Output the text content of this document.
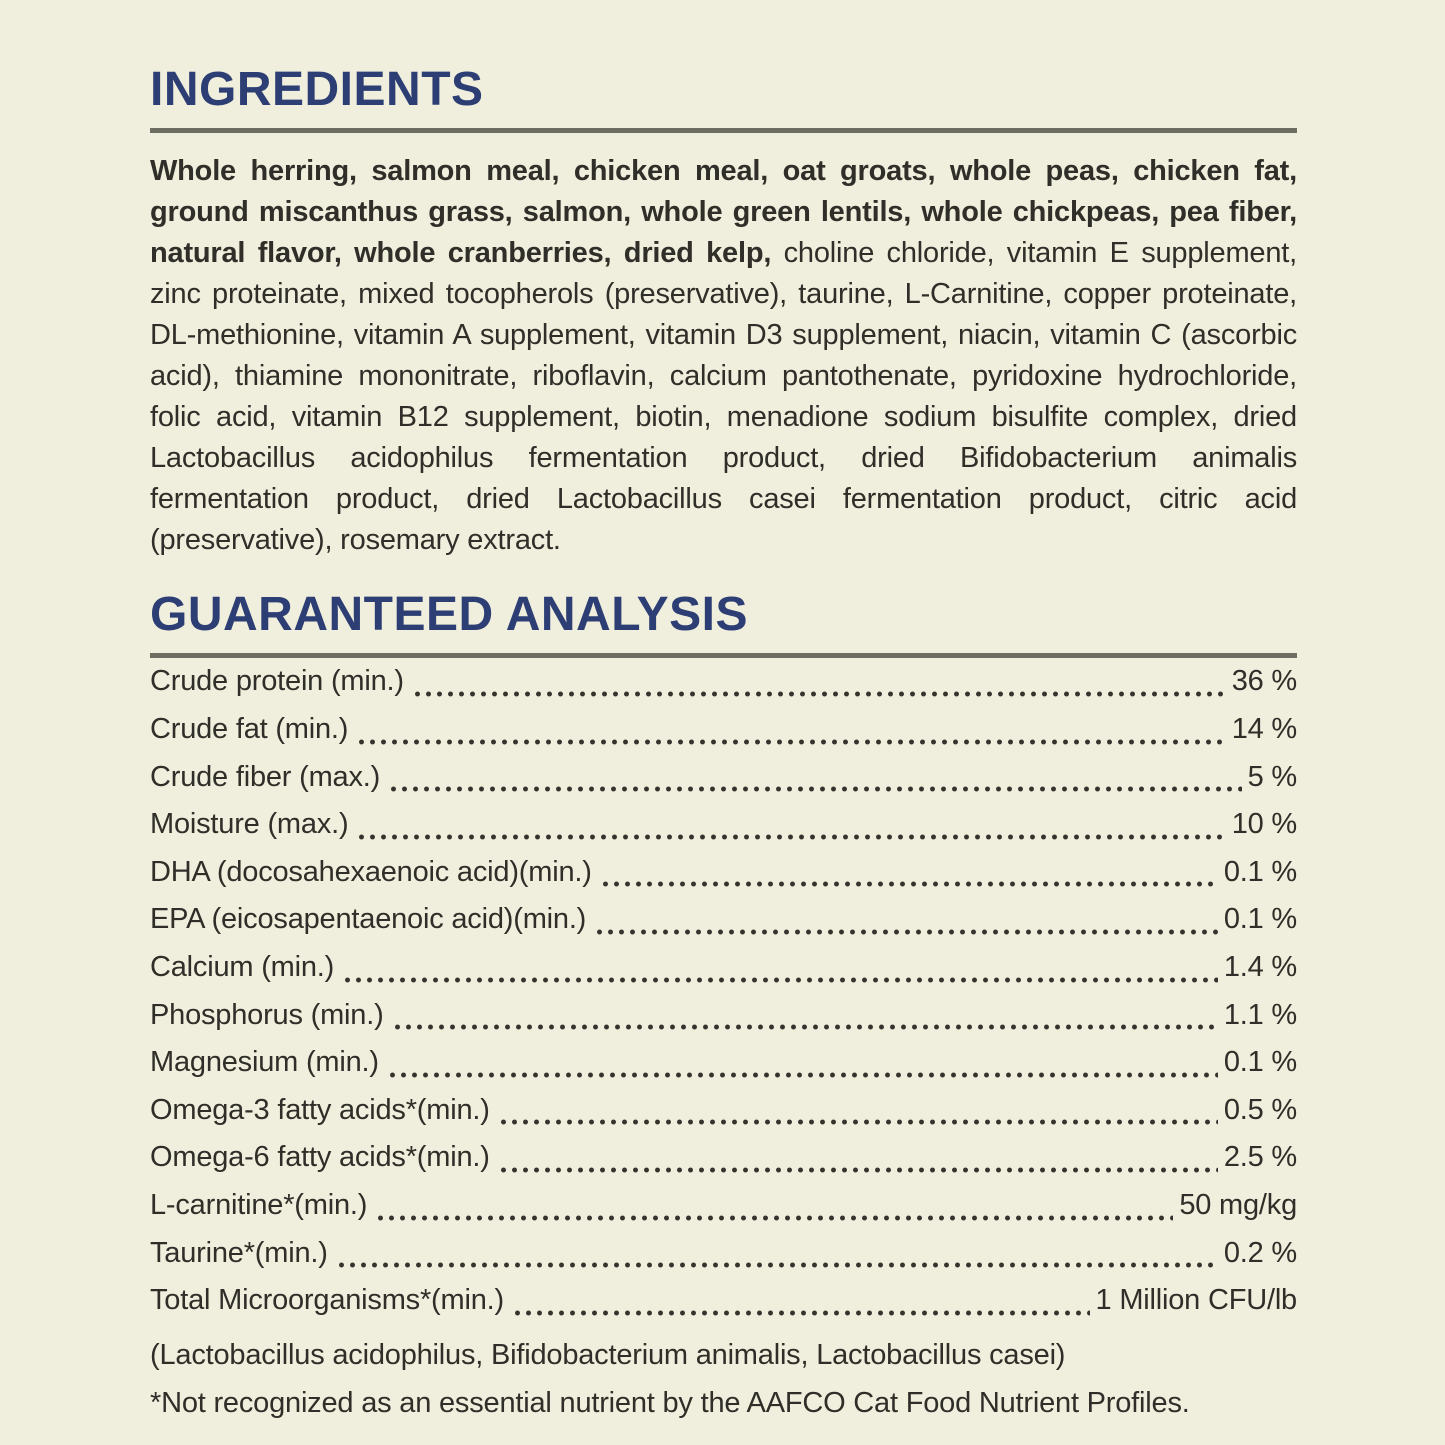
INGREDIENTS

Whole herring, salmon meal, chicken meal, oat groats, whole peas, chicken fat, ground miscanthus grass, salmon, whole green lentils, whole chickpeas, pea fiber, natural flavor, whole cranberries, dried kelp, choline chloride, vitamin E supplement, zinc proteinate, mixed tocopherols (preservative), taurine, L-Carnitine, copper proteinate, DL-methionine, vitamin A supplement, vitamin D3 supplement, niacin, vitamin C (ascorbic acid), thiamine mononitrate, riboflavin, calcium pantothenate, pyridoxine hydrochloride, folic acid, vitamin B12 supplement, biotin, menadione sodium bisulfite complex, dried Lactobacillus acidophilus fermentation product, dried Bifidobacterium animalis fermentation product, dried Lactobacillus casei fermentation product, citric acid (preservative), rosemary extract.

GUARANTEED ANALYSIS
Crude protein (min.)	36 %
Crude fat (min.)	14 %
Crude fiber (max.)	5 %
Moisture (max.)	10 %
DHA (docosahexaenoic acid)(min.)	0.1 %
EPA (eicosapentaenoic acid)(min.)	0.1 %
Calcium (min.)	1.4 %
Phosphorus (min.)	1.1 %
Magnesium (min.)	0.1 %
Omega-3 fatty acids*(min.)	0.5 %
Omega-6 fatty acids*(min.)	2.5 %
L-carnitine*(min.)	50 mg/kg
Taurine*(min.)	0.2 %
Total Microorganisms*(min.)	1 Million CFU/lb
(Lactobacillus acidophilus, Bifidobacterium animalis, Lactobacillus casei)
*Not recognized as an essential nutrient by the AAFCO Cat Food Nutrient Profiles.
